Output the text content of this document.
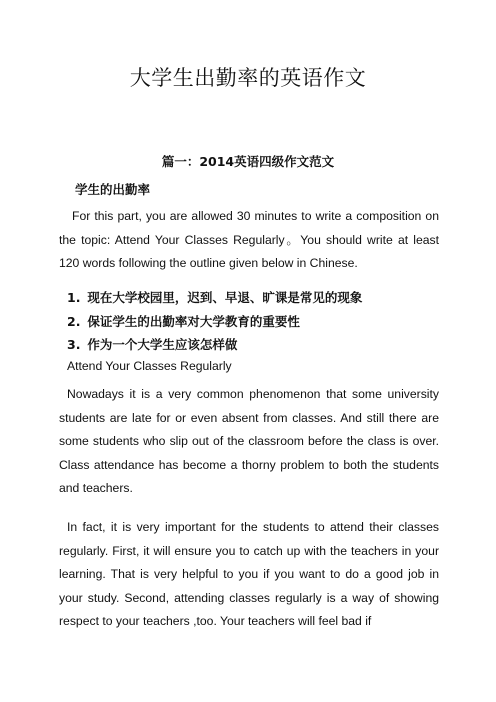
大学生出勤率的英语作文
篇一：2014英语四级作文范文
学生的出勤率
For this part, you are allowed 30 minutes to write a composition on the topic: Attend Your Classes Regularly。You should write at least 120 words following the outline given below in Chinese.
1. 现在大学校园里，迟到、早退、旷课是常见的现象
2. 保证学生的出勤率对大学教育的重要性
3. 作为一个大学生应该怎样做
Attend Your Classes Regularly
Nowadays it is a very common phenomenon that some university students are late for or even absent from classes. And still there are some students who slip out of the classroom before the class is over. Class attendance has become a thorny problem to both the students and teachers.
In fact, it is very important for the students to attend their classes regularly. First, it will ensure you to catch up with the teachers in your learning. That is very helpful to you if you want to do a good job in your study. Second, attending classes regularly is a way of showing respect to your teachers ,too. Your teachers will feel bad if
